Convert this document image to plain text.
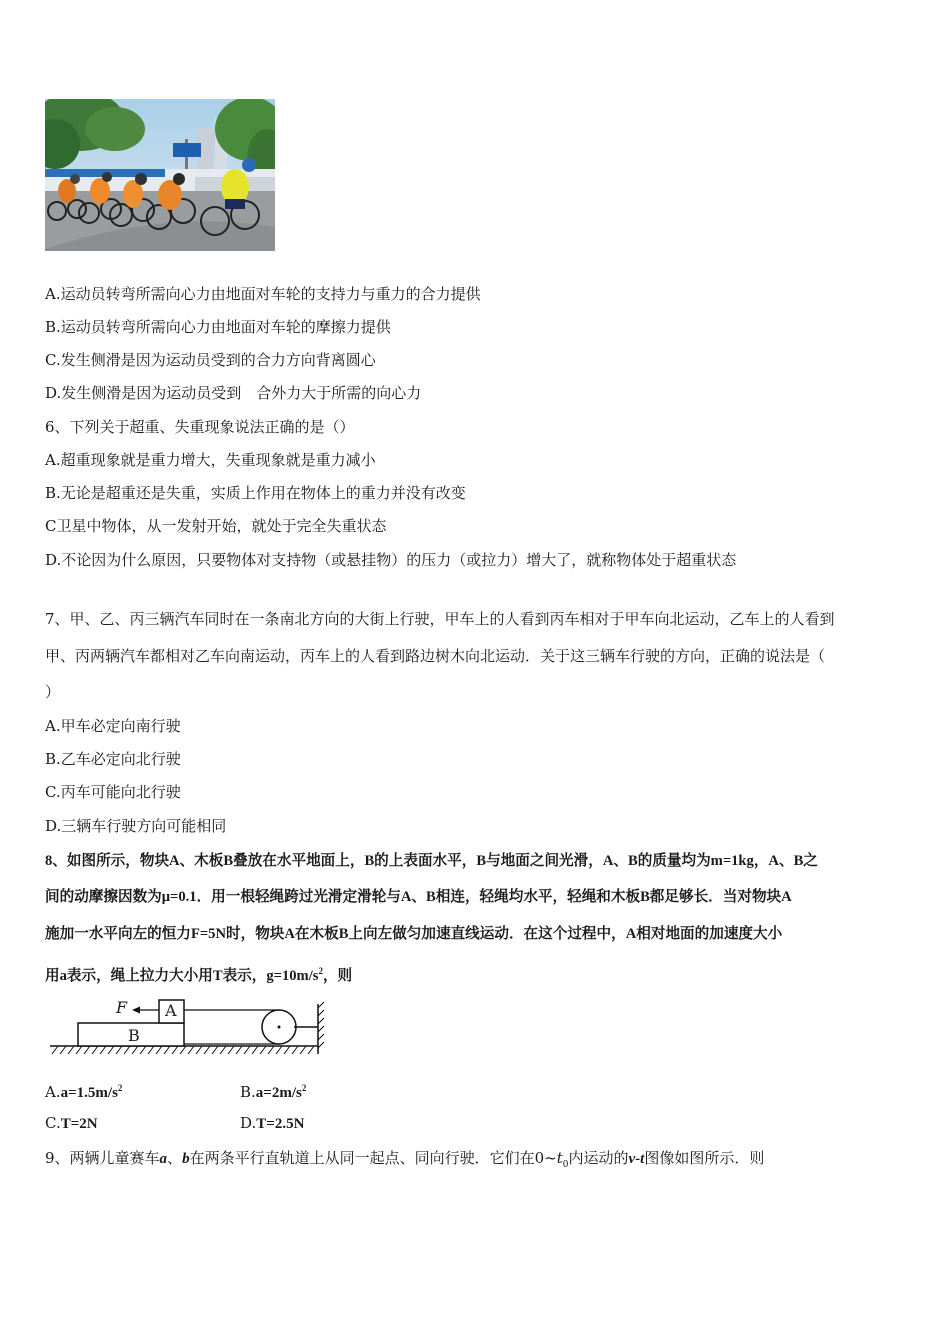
A.运动员转弯所需向心力由地面对车轮的支持力与重力的合力提供
B.运动员转弯所需向心力由地面对车轮的摩擦力提供
C.发生侧滑是因为运动员受到的合力方向背离圆心
D.发生侧滑是因为运动员受到　合外力大于所需的向心力
6、下列关于超重、失重现象说法正确的是（）
A.超重现象就是重力增大，失重现象就是重力减小
B.无论是超重还是失重，实质上作用在物体上的重力并没有改变
C卫星中物体，从一发射开始，就处于完全失重状态
D.不论因为什么原因，只要物体对支持物（或悬挂物）的压力（或拉力）增大了，就称物体处于超重状态
7、甲、乙、丙三辆汽车同时在一条南北方向的大街上行驶，甲车上的人看到丙车相对于甲车向北运动，乙车上的人看到
甲、丙两辆汽车都相对乙车向南运动，丙车上的人看到路边树木向北运动．关于这三辆车行驶的方向，正确的说法是（
）
A.甲车必定向南行驶
B.乙车必定向北行驶
C.丙车可能向北行驶
D.三辆车行驶方向可能相同
8、如图所示，物块A、木板B叠放在水平地面上，B的上表面水平，B与地面之间光滑，A、B的质量均为m=1kg，A、B之
间的动摩擦因数为μ=0.1．用一根轻绳跨过光滑定滑轮与A、B相连，轻绳均水平，轻绳和木板B都足够长．当对物块A
施加一水平向左的恒力F=5N时，物块A在木板B上向左做匀加速直线运动．在这个过程中，A相对地面的加速度大小
用a表示，绳上拉力大小用T表示，$g=10m/s^2$，则
F A
B
$A.a=1.5m/s^2$	$B.a=2m/s^2$
C.T=2N	D.T=2.5N
9、两辆儿童赛车a、b在两条平行直轨道上从同一起点、同向行驶．它们在$0\sim t_0$内运动的v-t图像如图所示．则
